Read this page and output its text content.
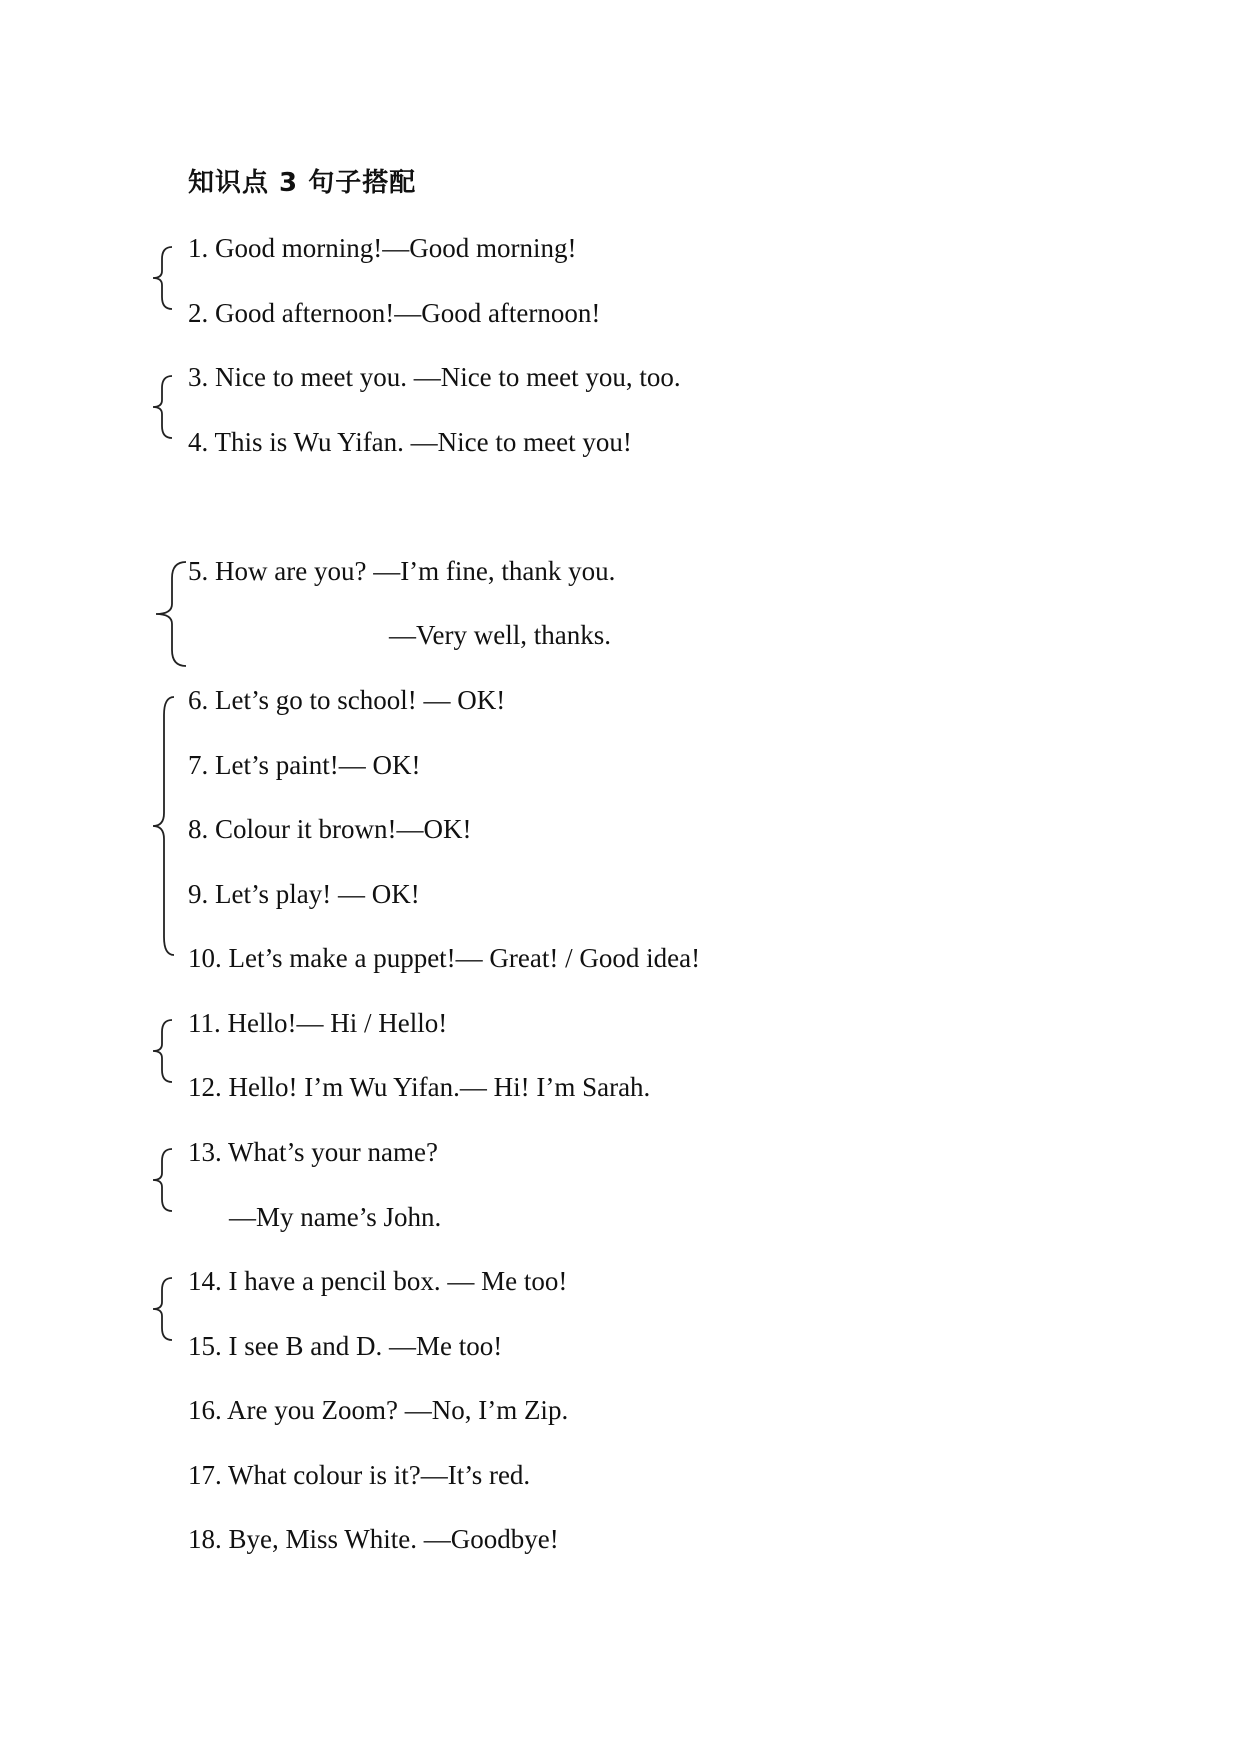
知识点 3 句子搭配
1. Good morning!—Good morning!
2. Good afternoon!—Good afternoon!
3. Nice to meet you. —Nice to meet you, too.
4. This is Wu Yifan. —Nice to meet you!
5. How are you? —I’m fine, thank you.
—Very well, thanks.
6. Let’s go to school! — OK!
7. Let’s paint!— OK!
8. Colour it brown!—OK!
9. Let’s play! — OK!
10. Let’s make a puppet!— Great! / Good idea!
11. Hello!— Hi / Hello!
12. Hello! I’m Wu Yifan.— Hi! I’m Sarah.
13. What’s your name?
—My name’s John.
14. I have a pencil box. — Me too!
15. I see B and D. —Me too!
16. Are you Zoom? —No, I’m Zip.
17. What colour is it?—It’s red.
18. Bye, Miss White. —Goodbye!
